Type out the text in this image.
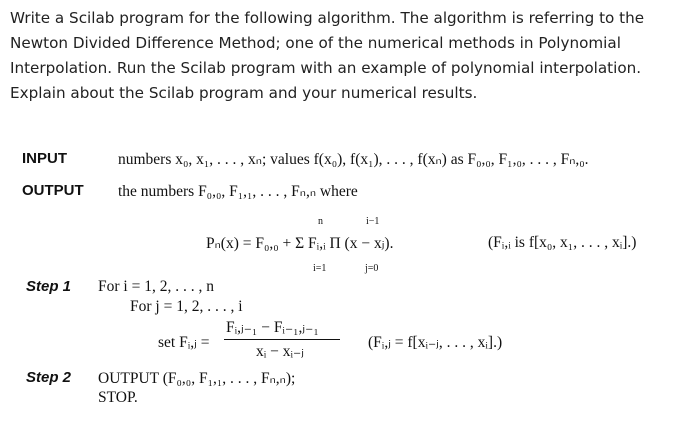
Write a Scilab program for the following algorithm. The algorithm is referring to the
Newton Divided Difference Method; one of the numerical methods in Polynomial
Interpolation. Run the Scilab program with an example of polynomial interpolation.
Explain about the Scilab program and your numerical results.
INPUT	numbers x₀, x₁, . . . , xₙ; values f(x₀), f(x₁), . . . , f(xₙ) as F₀,₀, F₁,₀, . . . , Fₙ,₀.
OUTPUT the numbers F₀,₀, F₁,₁, . . . , Fₙ,ₙ where
n	i−1
Pₙ(x) = F₀,₀ + Σ Fᵢ,ᵢ Π (x − xⱼ).	(Fᵢ,ᵢ is f[x₀, x₁, . . . , xᵢ].)
i=1	j=0
Step 1 For i = 1, 2, . . . , n
For j = 1, 2, . . . , i
set Fᵢ,ⱼ =
Fᵢ,ⱼ₋₁ − Fᵢ₋₁,ⱼ₋₁
xᵢ − xᵢ₋ⱼ
(Fᵢ,ⱼ = f[xᵢ₋ⱼ, . . . , xᵢ].)
Step 2 OUTPUT (F₀,₀, F₁,₁, . . . , Fₙ,ₙ);
STOP.
